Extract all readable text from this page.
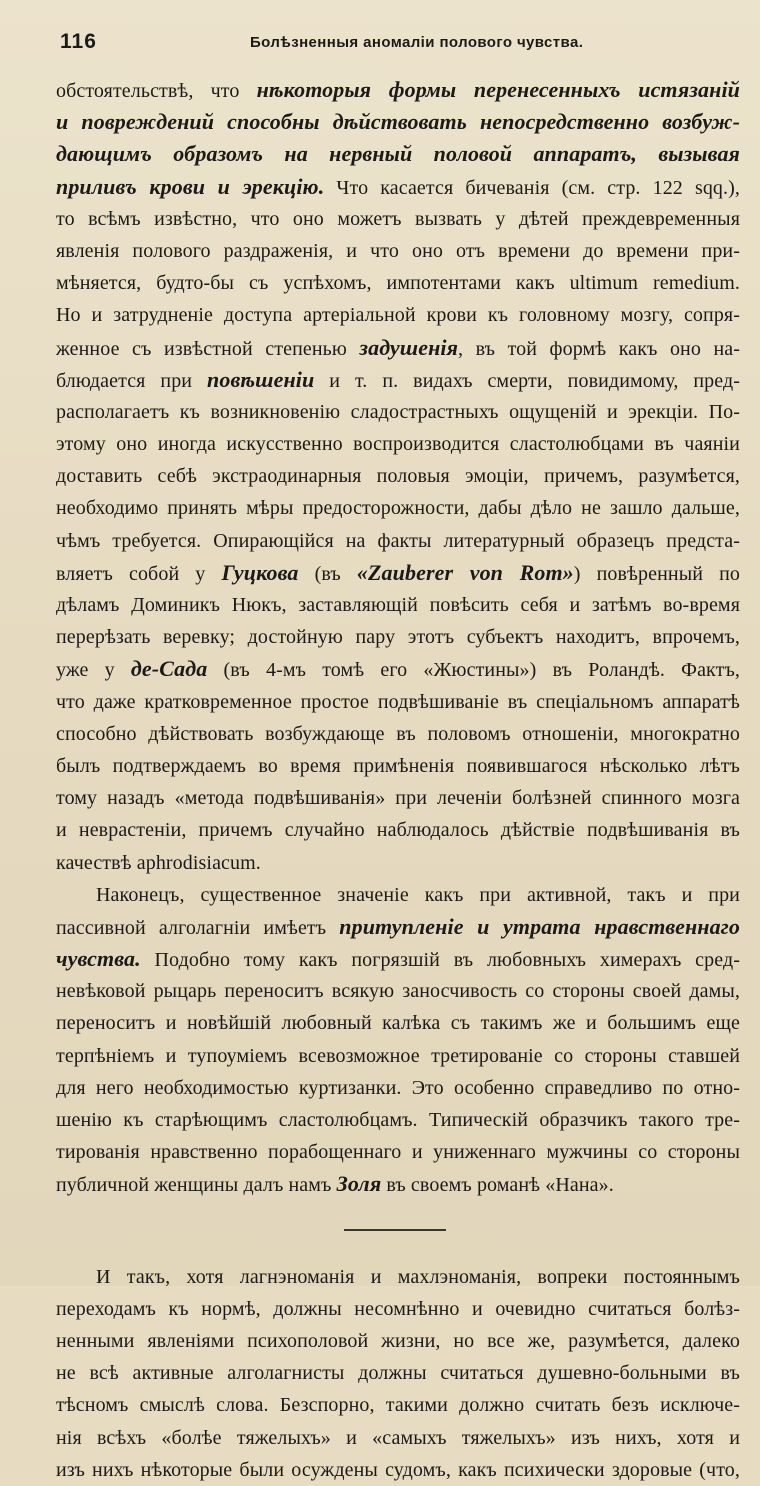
116	Болѣзненныя аномаліи полового чувства.
обстоятельствѣ, что нѣкоторыя формы перенесенныхъ истязаній
и повреждений способны дѣйствовать непосредственно возбуж-
дающимъ образомъ на нервный половой аппаратъ, вызывая
приливъ крови и эрекцію. Что касается бичеванія (см. стр. 122 sqq.),
то всѣмъ извѣстно, что оно можетъ вызвать у дѣтей преждевременныя
явленія полового раздраженія, и что оно отъ времени до времени при-
мѣняется, будто-бы съ успѣхомъ, импотентами какъ ultimum remedium.
Но и затрудненіе доступа артеріальной крови къ головному мозгу, сопря-
женное съ извѣстной степенью задушенія, въ той формѣ какъ оно на-
блюдается при повѣшеніи и т. п. видахъ смерти, повидимому, пред-
располагаетъ къ возникновенію сладострастныхъ ощущеній и эрекціи. По-
этому оно иногда искусственно воспроизводится сластолюбцами въ чаяніи
доставить себѣ экстраодинарныя половыя эмоціи, причемъ, разумѣется,
необходимо принять мѣры предосторожности, дабы дѣло не зашло дальше,
чѣмъ требуется. Опирающійся на факты литературный образецъ предста-
вляетъ собой у Гуцкова (въ «Zauberer von Rom») повѣренный по
дѣламъ Доминикъ Нюкъ, заставляющій повѣсить себя и затѣмъ во-время
перерѣзать веревку; достойную пару этотъ субъектъ находитъ, впрочемъ,
уже у де-Сада (въ 4-мъ томѣ его «Жюстины») въ Роландѣ. Фактъ,
что даже кратковременное простое подвѣшиваніе въ спеціальномъ аппаратѣ
способно дѣйствовать возбуждающе въ половомъ отношеніи, многократно
былъ подтверждаемъ во время примѣненія появившагося нѣсколько лѣтъ
тому назадъ «метода подвѣшиванія» при леченіи болѣзней спинного мозга
и неврастеніи, причемъ случайно наблюдалось дѣйствіе подвѣшиванія въ
качествѣ aphrodisiacum.
Наконецъ, существенное значеніе какъ при активной, такъ и при
пассивной алголагніи имѣетъ притупленіе и утрата нравственнаго
чувства. Подобно тому какъ погрязшій въ любовныхъ химерахъ сред-
невѣковой рыцарь переноситъ всякую заносчивость со стороны своей дамы,
переноситъ и новѣйшій любовный калѣка съ такимъ же и большимъ еще
терпѣніемъ и тупоуміемъ всевозможное третированіе со стороны ставшей
для него необходимостью куртизанки. Это особенно справедливо по отно-
шенію къ старѣющимъ сластолюбцамъ. Типическій образчикъ такого тре-
тированія нравственно порабощеннаго и униженнаго мужчины со стороны
публичной женщины далъ намъ Золя въ своемъ романѣ «Нана».
И такъ, хотя лагнэноманія и махлэноманія, вопреки постояннымъ
переходамъ къ нормѣ, должны несомнѣнно и очевидно считаться болѣз-
ненными явленіями психополовой жизни, но все же, разумѣется, далеко
не всѣ активные алголагнисты должны считаться душевно-больными въ
тѣсномъ смыслѣ слова. Безспорно, такими должно считать безъ исключе-
нія всѣхъ «болѣе тяжелыхъ» и «самыхъ тяжелыхъ» изъ нихъ, хотя и
изъ нихъ нѣкоторые были осуждены судомъ, какъ психически здоровые (что,
